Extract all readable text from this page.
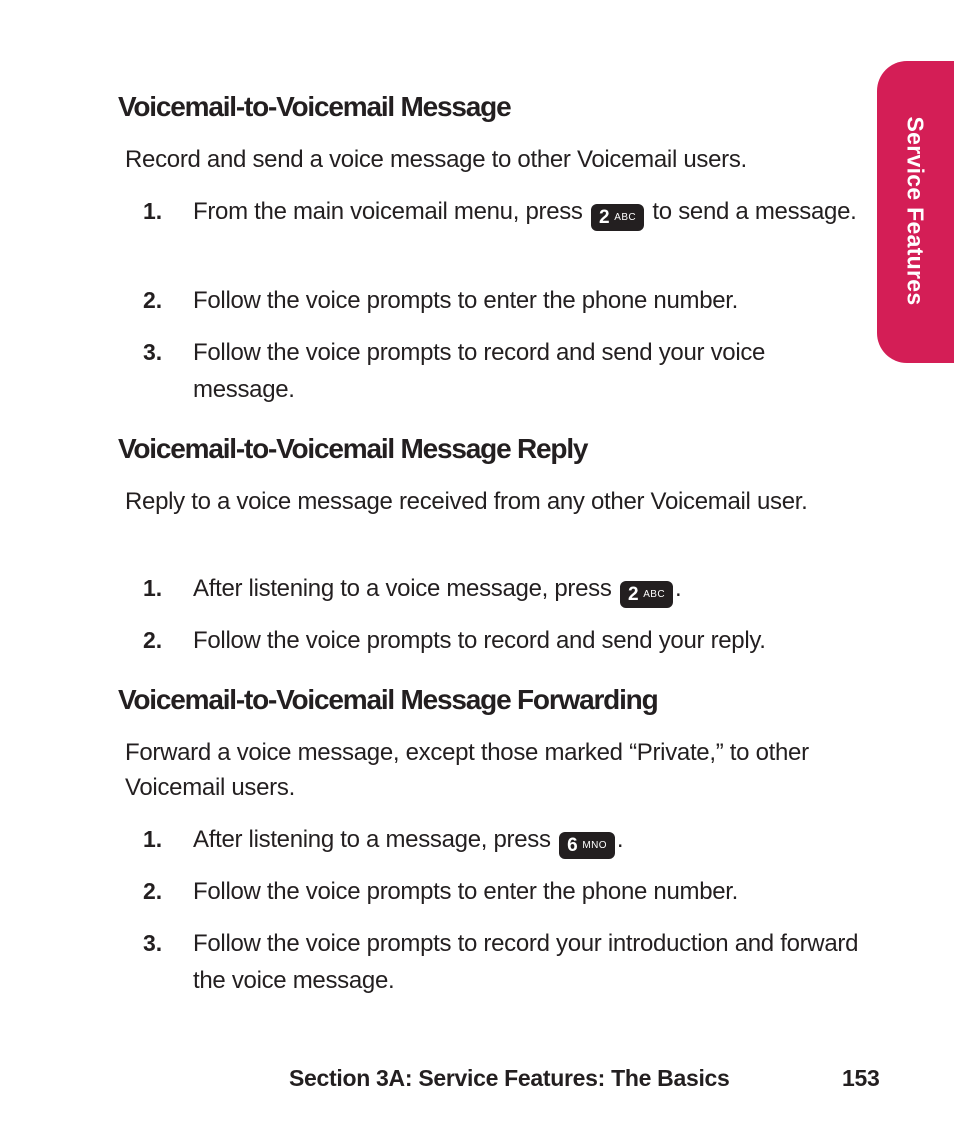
Service Features
Voicemail-to-Voicemail Message

Record and send a voice message to other Voicemail users.

1. From the main voicemail menu, press 2 ABC to send a message.
2. Follow the voice prompts to enter the phone number.
3. Follow the voice prompts to record and send your voice message.
Voicemail-to-Voicemail Message Reply

Reply to a voice message received from any other Voicemail user.

1. After listening to a voice message, press 2 ABC .
2. Follow the voice prompts to record and send your reply.
Voicemail-to-Voicemail Message Forwarding

Forward a voice message, except those marked “Private,” to other Voicemail users.

1. After listening to a message, press 6 MNO .
2. Follow the voice prompts to enter the phone number.
3. Follow the voice prompts to record your introduction and forward the voice message.
Section 3A: Service Features: The Basics	153
